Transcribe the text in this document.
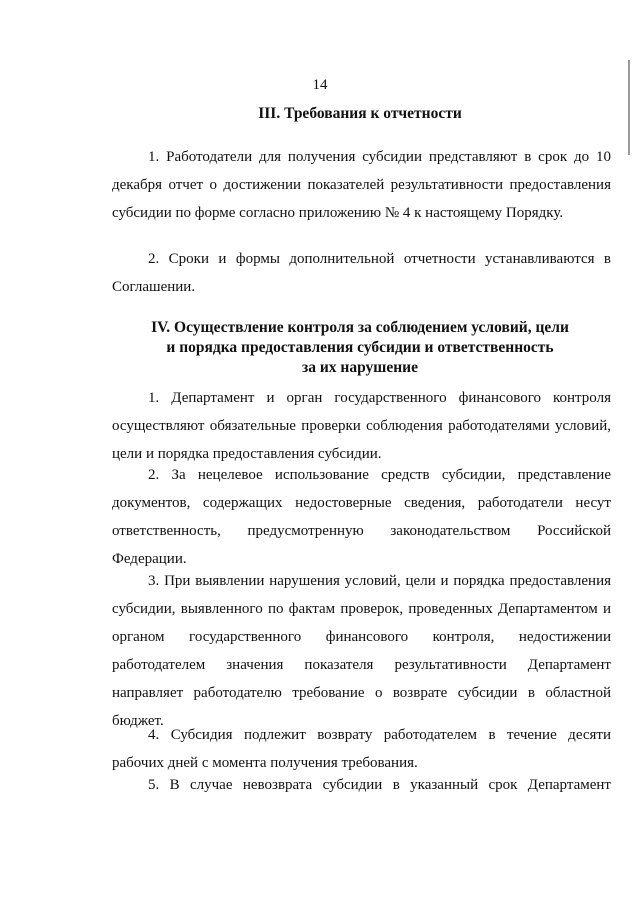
14
III. Требования к отчетности
1. Работодатели для получения субсидии представляют в срок до 10 декабря отчет о достижении показателей результативности предоставления субсидии по форме согласно приложению № 4 к настоящему Порядку.
2. Сроки и формы дополнительной отчетности устанавливаются в Соглашении.
IV. Осуществление контроля за соблюдением условий, цели
и порядка предоставления субсидии и ответственность
за их нарушение
1. Департамент и орган государственного финансового контроля осуществляют обязательные проверки соблюдения работодателями условий, цели и порядка предоставления субсидии.
2. За нецелевое использование средств субсидии, представление документов, содержащих недостоверные сведения, работодатели несут ответственность, предусмотренную законодательством Российской Федерации.
3. При выявлении нарушения условий, цели и порядка предоставления субсидии, выявленного по фактам проверок, проведенных Департаментом и органом государственного финансового контроля, недостижении работодателем значения показателя результативности Департамент направляет работодателю требование о возврате субсидии в областной бюджет.
4. Субсидия подлежит возврату работодателем в течение десяти рабочих дней с момента получения требования.
5. В случае невозврата субсидии в указанный срок Департамент
